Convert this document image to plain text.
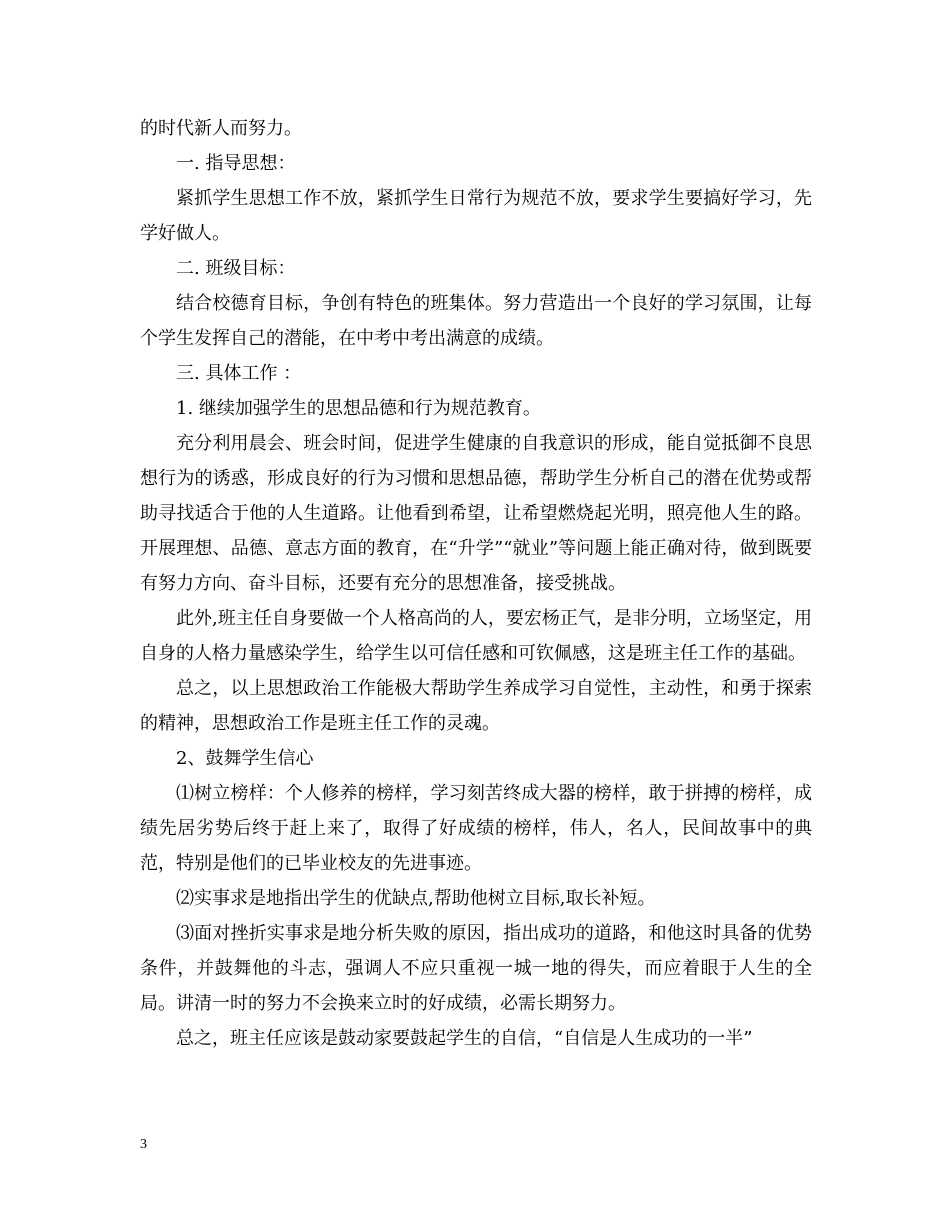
的时代新人而努力。

一. 指导思想：

紧抓学生思想工作不放，紧抓学生日常行为规范不放，要求学生要搞好学习，先学好做人。

二. 班级目标：

结合校德育目标，争创有特色的班集体。努力营造出一个良好的学习氛围，让每个学生发挥自己的潜能，在中考中考出满意的成绩。

三. 具体工作 ：

1. 继续加强学生的思想品德和行为规范教育。

充分利用晨会、班会时间，促进学生健康的自我意识的形成，能自觉抵御不良思想行为的诱惑，形成良好的行为习惯和思想品德，帮助学生分析自己的潜在优势或帮助寻找适合于他的人生道路。让他看到希望，让希望燃烧起光明，照亮他人生的路。开展理想、品德、意志方面的教育，在“升学”“就业”等问题上能正确对待，做到既要有努力方向、奋斗目标，还要有充分的思想准备，接受挑战。

此外,班主任自身要做一个人格高尚的人，要宏杨正气，是非分明，立场坚定，用自身的人格力量感染学生，给学生以可信任感和可钦佩感，这是班主任工作的基础。

总之，以上思想政治工作能极大帮助学生养成学习自觉性，主动性，和勇于探索的精神，思想政治工作是班主任工作的灵魂。

2、鼓舞学生信心

⑴树立榜样：个人修养的榜样，学习刻苦终成大器的榜样，敢于拼搏的榜样，成绩先居劣势后终于赶上来了，取得了好成绩的榜样，伟人，名人，民间故事中的典范，特别是他们的已毕业校友的先进事迹。

⑵实事求是地指出学生的优缺点,帮助他树立目标,取长补短。

⑶面对挫折实事求是地分析失败的原因，指出成功的道路，和他这时具备的优势条件，并鼓舞他的斗志，强调人不应只重视一城一地的得失，而应着眼于人生的全局。讲清一时的努力不会换来立时的好成绩，必需长期努力。

总之，班主任应该是鼓动家要鼓起学生的自信，“自信是人生成功的一半”

3
